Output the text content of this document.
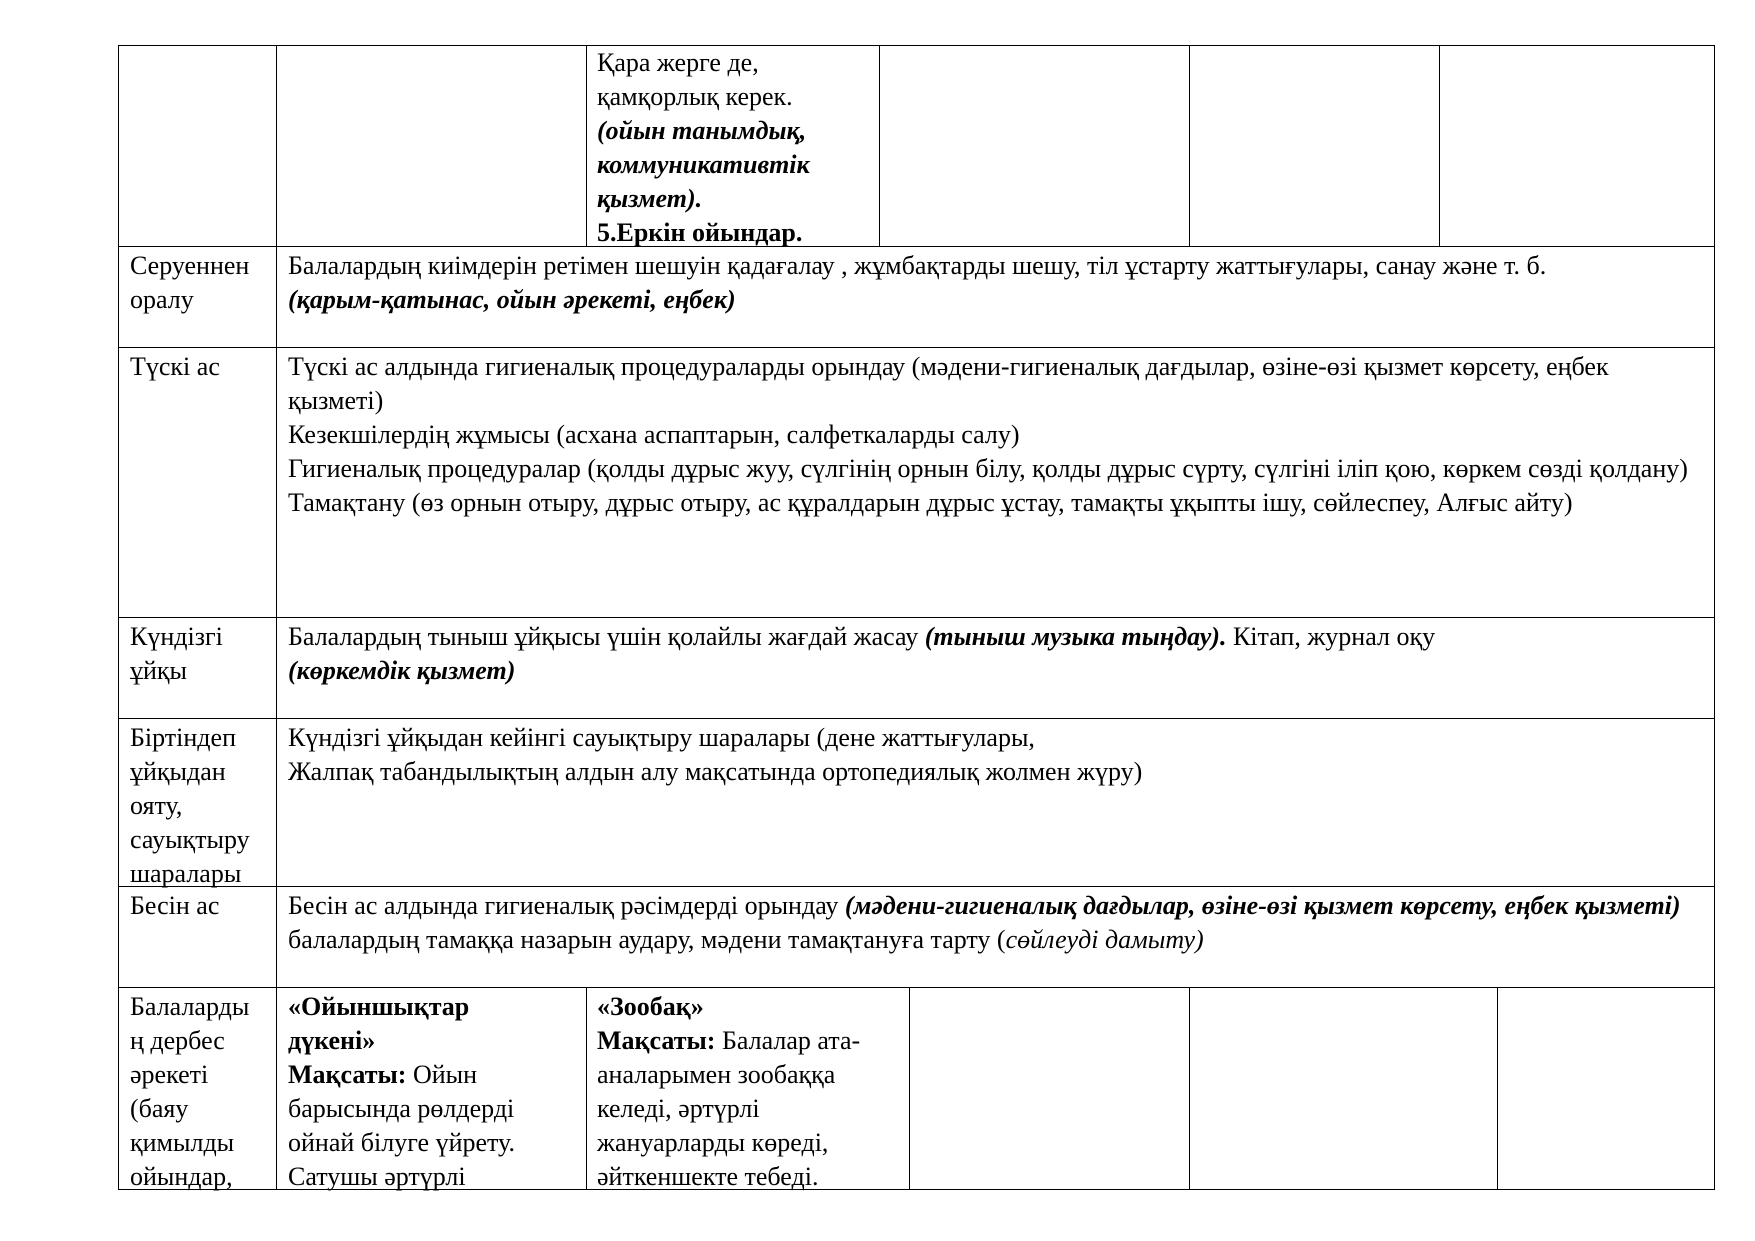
Қара жерге де,
қамқорлық керек.
(ойын танымдық,
коммуникативтік
қызмет).
5.Еркін ойындар.
Серуеннен
оралу
Балалардың киімдерін ретімен шешуін қадағалау , жұмбақтарды шешу, тіл ұстарту жаттығулары, санау және т. б.
(қарым-қатынас, ойын әрекеті, еңбек)
Түскі ас	Түскі ас алдында гигиеналық процедураларды орындау (мәдени-гигиеналық дағдылар, өзіне-өзі қызмет көрсету, еңбек қызметі)
Кезекшілердің жұмысы (асхана аспаптарын, салфеткаларды салу)
Гигиеналық процедуралар (қолды дұрыс жуу, сүлгінің орнын білу, қолды дұрыс сүрту, сүлгіні іліп қою, көркем сөзді қолдану)
Тамақтану (өз орнын отыру, дұрыс отыру, ас құралдарын дұрыс ұстау, тамақты ұқыпты ішу, сөйлеспеу, Алғыс айту)
Күндізгі
ұйқы
Балалардың тыныш ұйқысы үшін қолайлы жағдай жасау (тыныш музыка тыңдау). Кітап, журнал оқу
(көркемдік қызмет)
Біртіндеп
ұйқыдан
ояту,
сауықтыру
шаралары
Күндізгі ұйқыдан кейінгі сауықтыру шаралары (дене жаттығулары,
Жалпақ табандылықтың алдын алу мақсатында ортопедиялық жолмен жүру)
Бесін ас	Бесін ас алдында гигиеналық рәсімдерді орындау (мәдени-гигиеналық дағдылар, өзіне-өзі қызмет көрсету, еңбек қызметі) балалардың тамаққа назарын аудару, мәдени тамақтануға тарту (сөйлеуді дамыту)
Балаларды
ң дербес
әрекеті
(баяу
қимылды
ойындар,
«Ойыншықтар
дүкені»
Мақсаты: Ойын
барысында рөлдерді
ойнай білуге үйрету.
Сатушы әртүрлі
«Зообақ»
Мақсаты: Балалар ата-
аналарымен зообаққа
келеді, әртүрлі
жануарларды көреді,
әйткеншекте тебеді.
